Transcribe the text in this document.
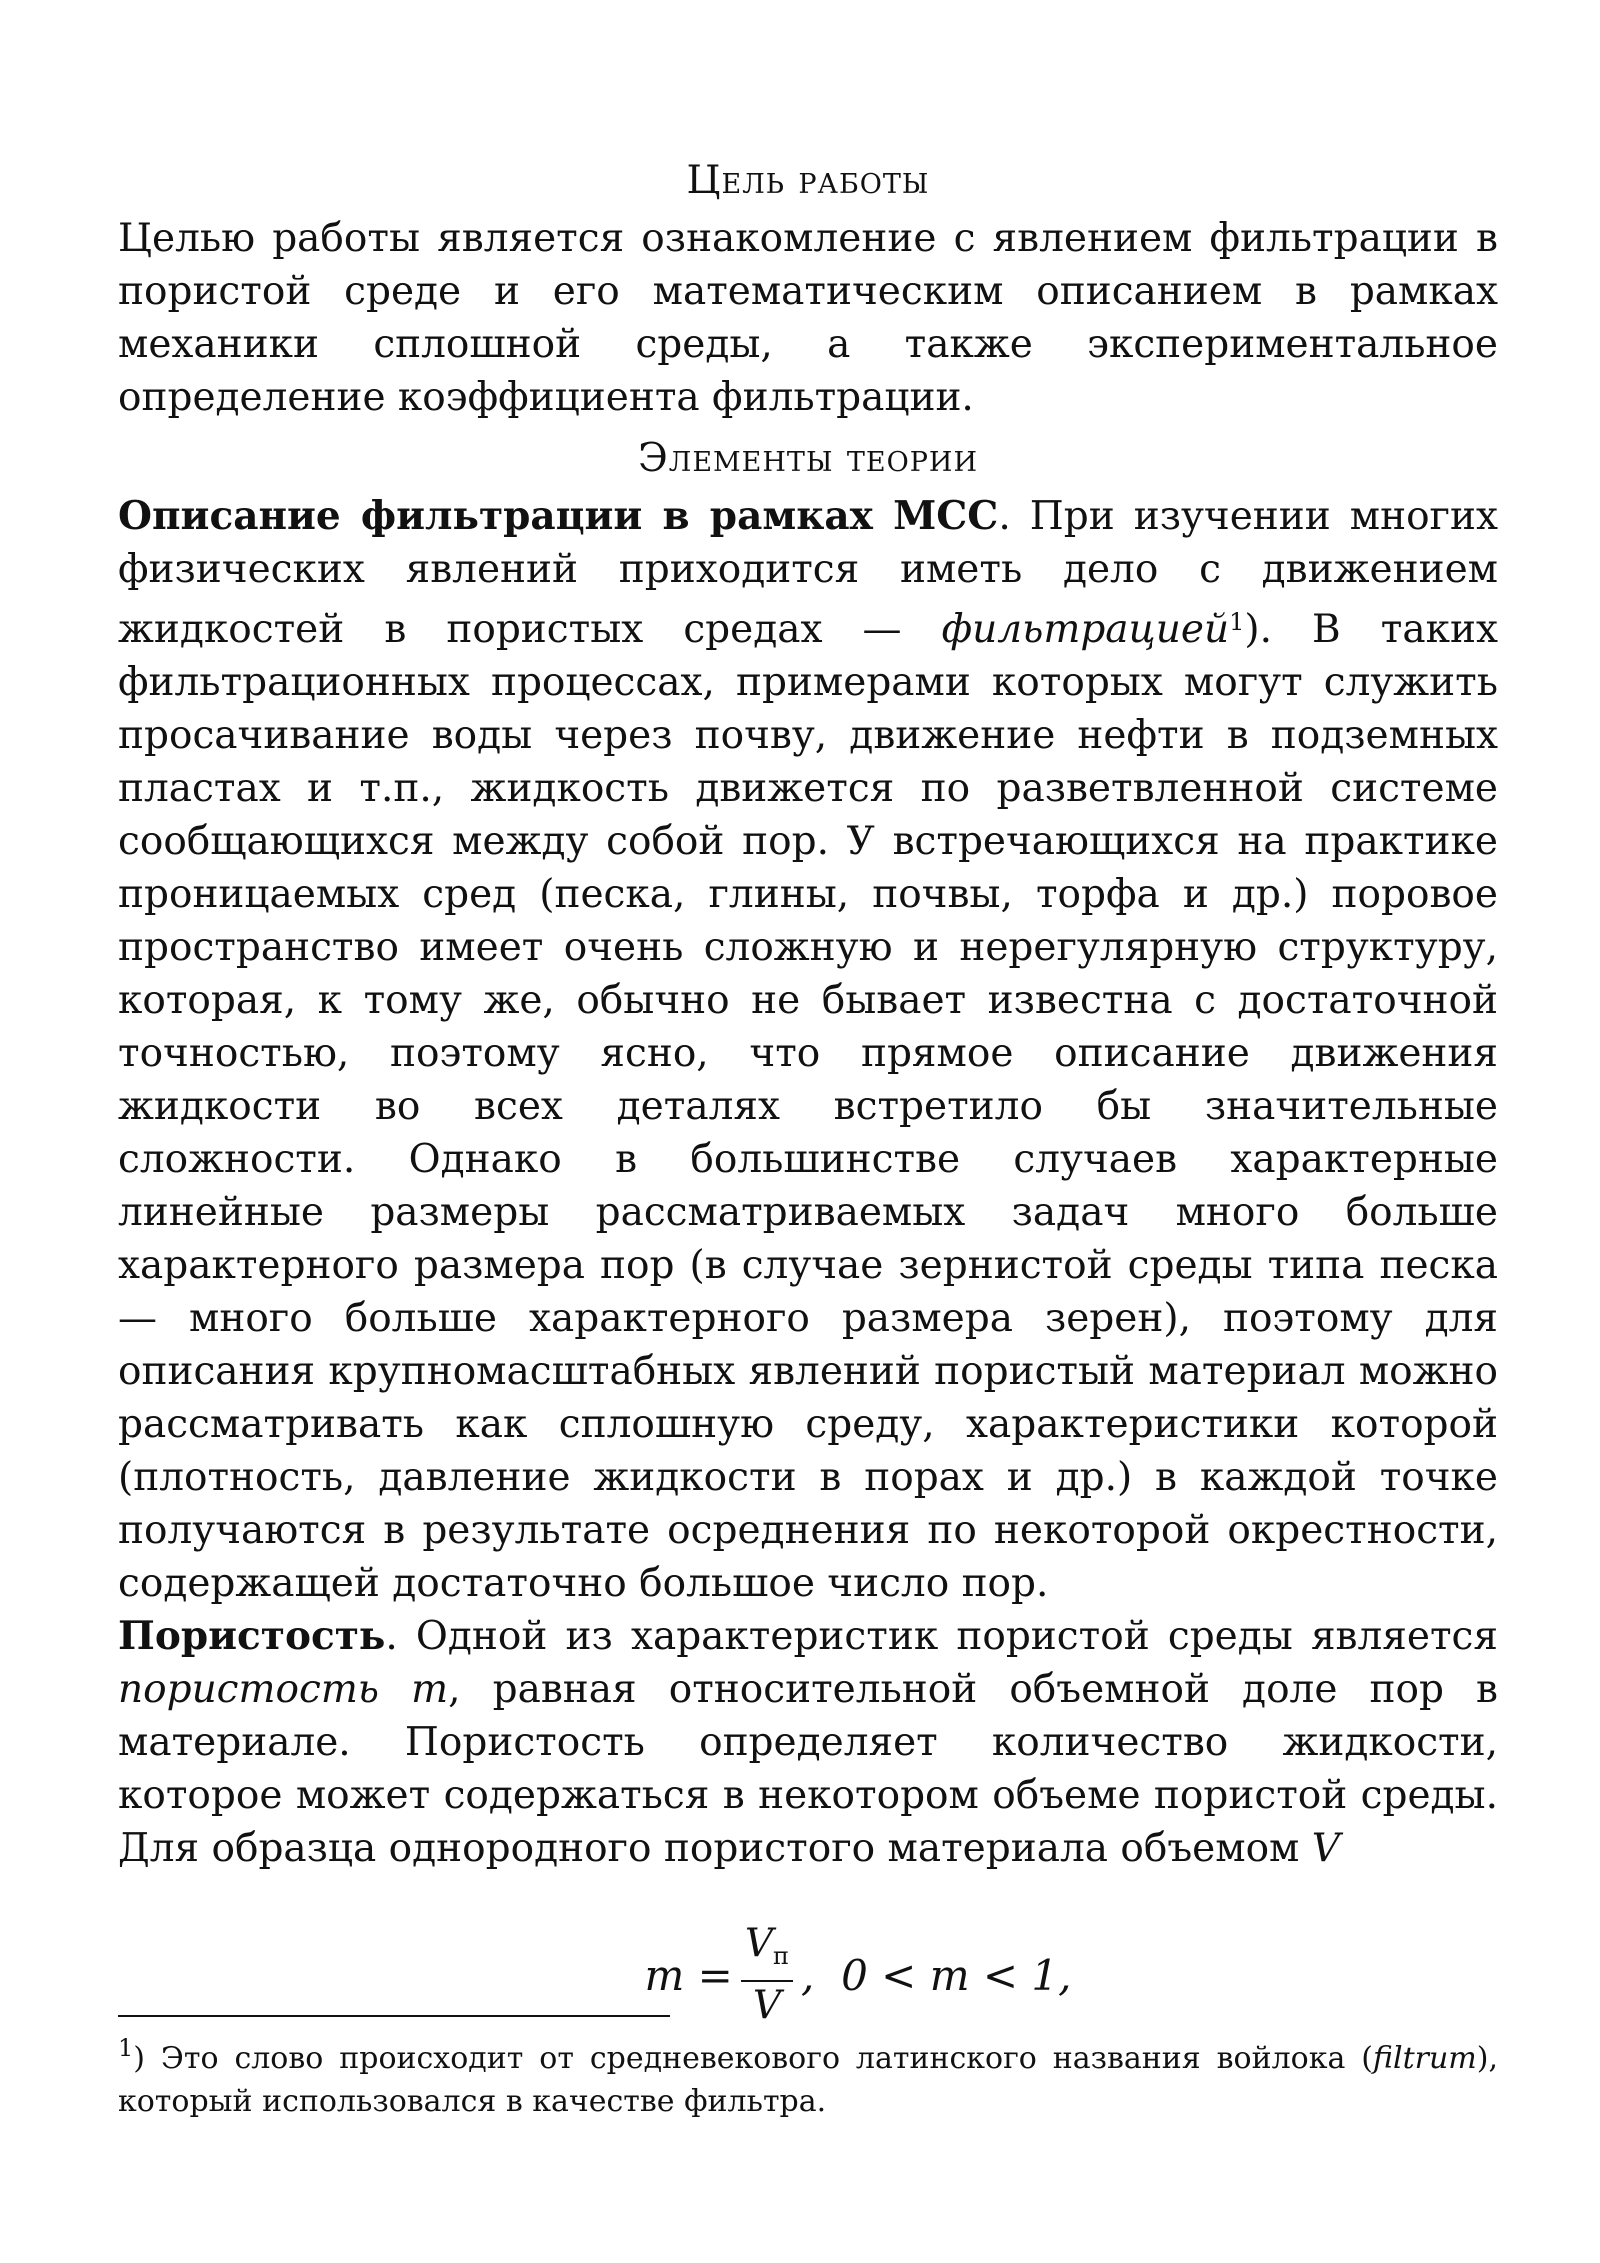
Цель работы

Целью работы является ознакомление с явлением фильтрации в пористой среде и его математическим описанием в рамках механики сплошной среды, а также экспериментальное определение коэффициента фильтрации.

Элементы теории

Описание фильтрации в рамках МСС. При изучении многих физических явлений приходится иметь дело с движением жидкостей в пористых средах — фильтрацией$^1$). В таких фильтрационных процессах, примерами которых могут служить просачивание воды через почву, движение нефти в подземных пластах и т.п., жидкость движется по разветвленной системе сообщающихся между собой пор. У встречающихся на практике проницаемых сред (песка, глины, почвы, торфа и др.) поровое пространство имеет очень сложную и нерегулярную структуру, которая, к тому же, обычно не бывает известна с достаточной точностью, поэтому ясно, что прямое описание движения жидкости во всех деталях встретило бы значительные сложности. Однако в большинстве случаев характерные линейные размеры рассматриваемых задач много больше характерного размера пор (в случае зернистой среды типа песка — много больше характерного размера зерен), поэтому для описания крупномасштабных явлений пористый материал можно рассматривать как сплошную среду, характеристики которой (плотность, давление жидкости в порах и др.) в каждой точке получаются в результате осреднения по некоторой окрестности, содержащей достаточно большое число пор.

Пористость. Одной из характеристик пористой среды является пористость m, равная относительной объемной доле пор в материале. Пористость определяет количество жидкости, которое может содержаться в некотором объеме пористой среды. Для образца однородного пористого материала объемом V

$m = \frac{V_п}{V}$ ,  0 < m < 1,
$^1$) Это слово происходит от средневекового латинского названия войлока (filtrum), который использовался в качестве фильтра.
